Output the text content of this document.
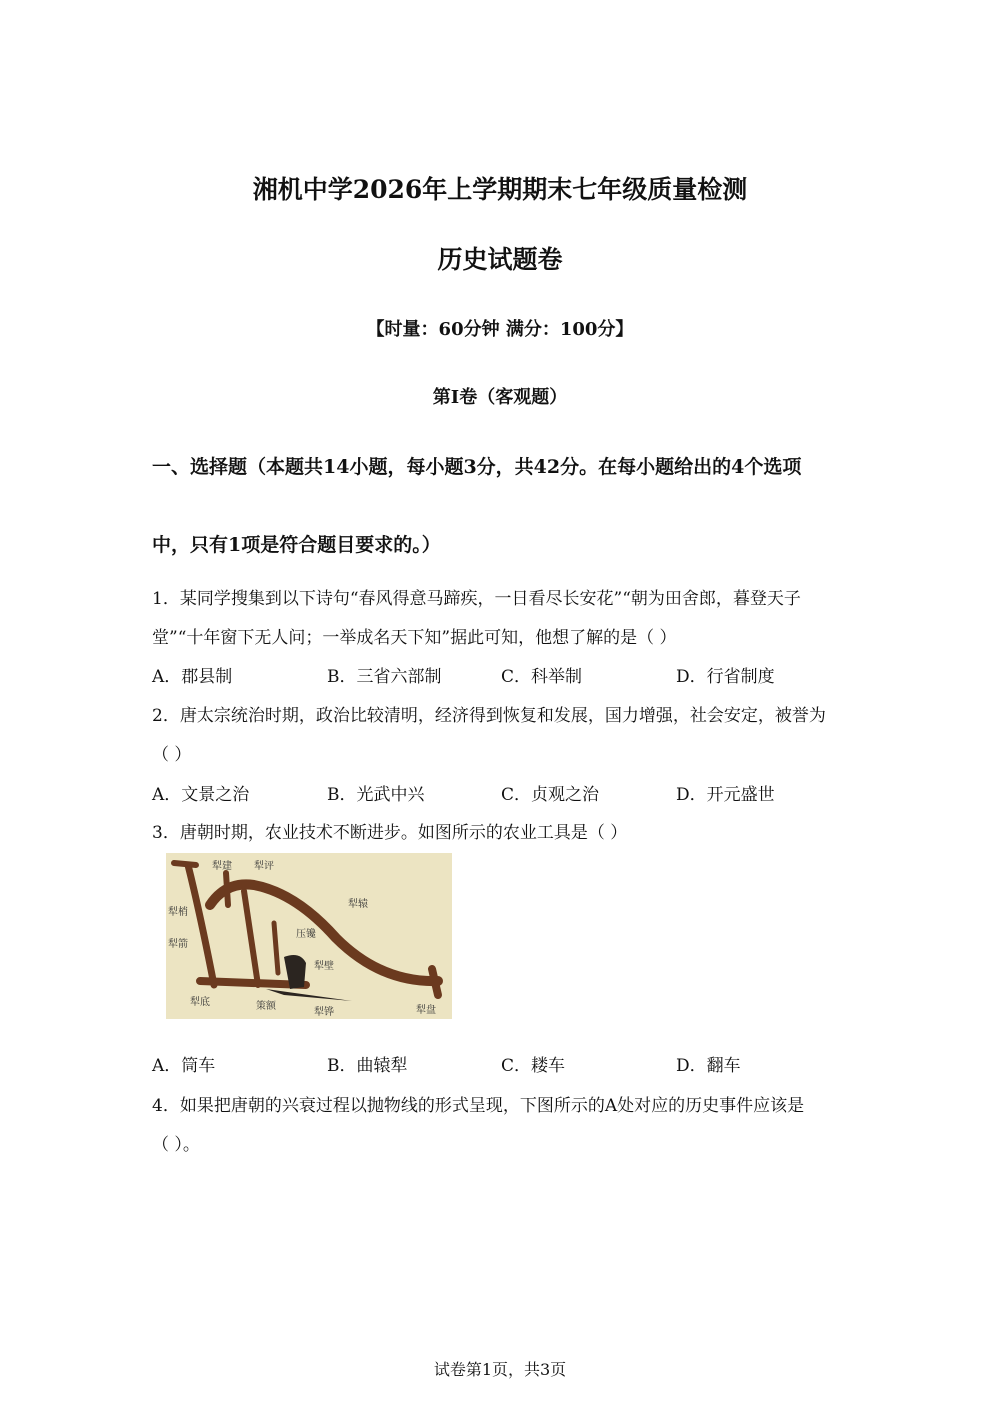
湘机中学2026年上学期期末七年级质量检测
历史试题卷
【时量：60分钟 满分：100分】
第I卷（客观题）
一、选择题（本题共14小题，每小题3分，共42分。在每小题给出的4个选项
中，只有1项是符合题目要求的。）
1．某同学搜集到以下诗句“春风得意马蹄疾，一日看尽长安花”“朝为田舍郎，暮登天子
堂”“十年窗下无人问；一举成名天下知”据此可知，他想了解的是（ ）
A．郡县制	B．三省六部制	C．科举制	D．行省制度
2．唐太宗统治时期，政治比较清明，经济得到恢复和发展，国力增强，社会安定，被誉为
（ ）
A．文景之治	B．光武中兴	C．贞观之治	D．开元盛世
3．唐朝时期，农业技术不断进步。如图所示的农业工具是（ ）
犁建 犁评
犁梢
犁辕
犁箭
压镵
犁壁
犁底	策额
犁铧	犁盘
A．筒车	B．曲辕犁	C．耧车	D．翻车
4．如果把唐朝的兴衰过程以抛物线的形式呈现，下图所示的A处对应的历史事件应该是
（ ）。
试卷第1页，共3页
